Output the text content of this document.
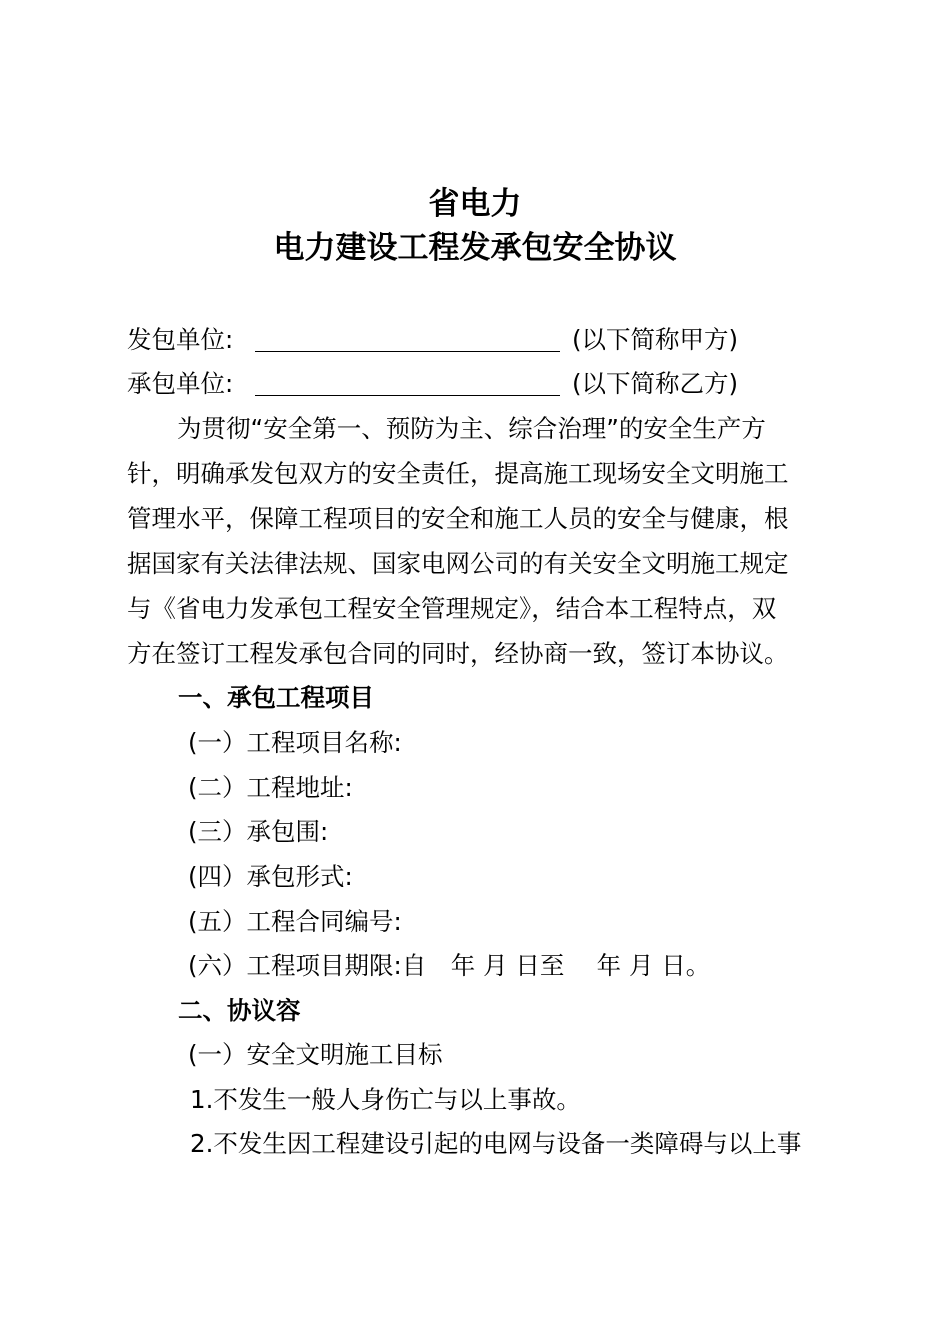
省电力
电力建设工程发承包安全协议
发包单位:	(以下简称甲方)
承包单位:	(以下简称乙方)
为贯彻“安全第一、预防为主、综合治理”的安全生产方
针，明确承发包双方的安全责任，提高施工现场安全文明施工
管理水平，保障工程项目的安全和施工人员的安全与健康，根
据国家有关法律法规、国家电网公司的有关安全文明施工规定
与《省电力发承包工程安全管理规定》，结合本工程特点，双
方在签订工程发承包合同的同时，经协商一致，签订本协议。
一、承包工程项目
(一）工程项目名称:
(二）工程地址:
(三）承包围:
(四）承包形式:
(五）工程合同编号:
(六）工程项目期限:自　年 月 日至　 年 月 日。
二、协议容
(一）安全文明施工目标
1.不发生一般人身伤亡与以上事故。
2.不发生因工程建设引起的电网与设备一类障碍与以上事
